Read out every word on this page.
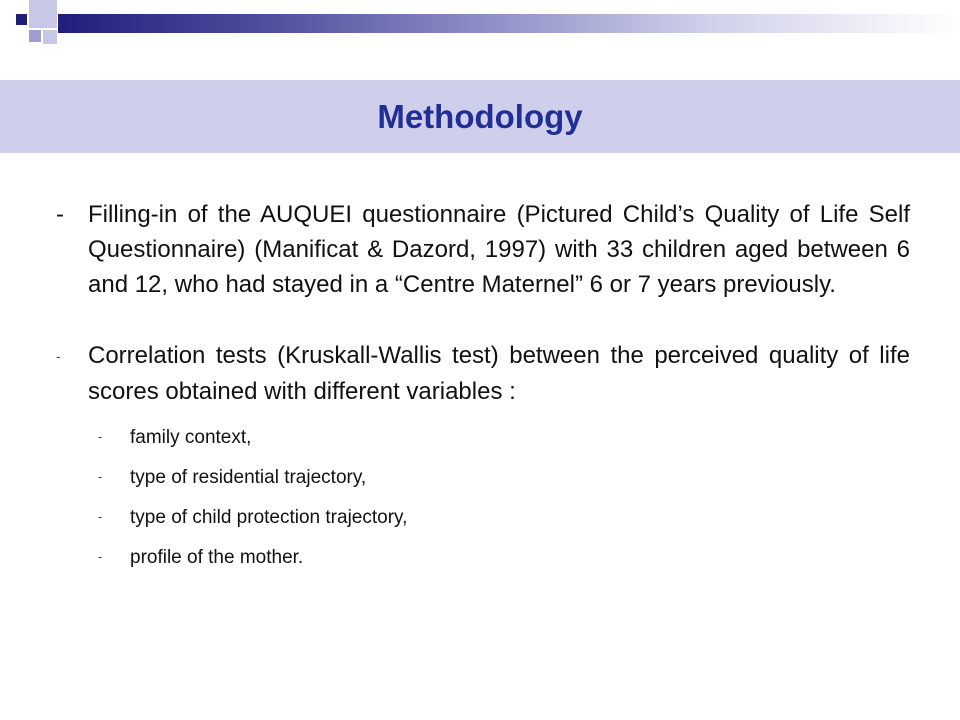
Methodology

- Filling-in of the AUQUEI questionnaire (Pictured Child’s Quality of Life Self Questionnaire) (Manificat & Dazord, 1997) with 33 children aged between 6 and 12, who had stayed in a “Centre Maternel” 6 or 7 years previously.

- Correlation tests (Kruskall-Wallis test) between the perceived quality of life scores obtained with different variables :

- family context,
- type of residential trajectory,
- type of child protection trajectory,
- profile of the mother.
